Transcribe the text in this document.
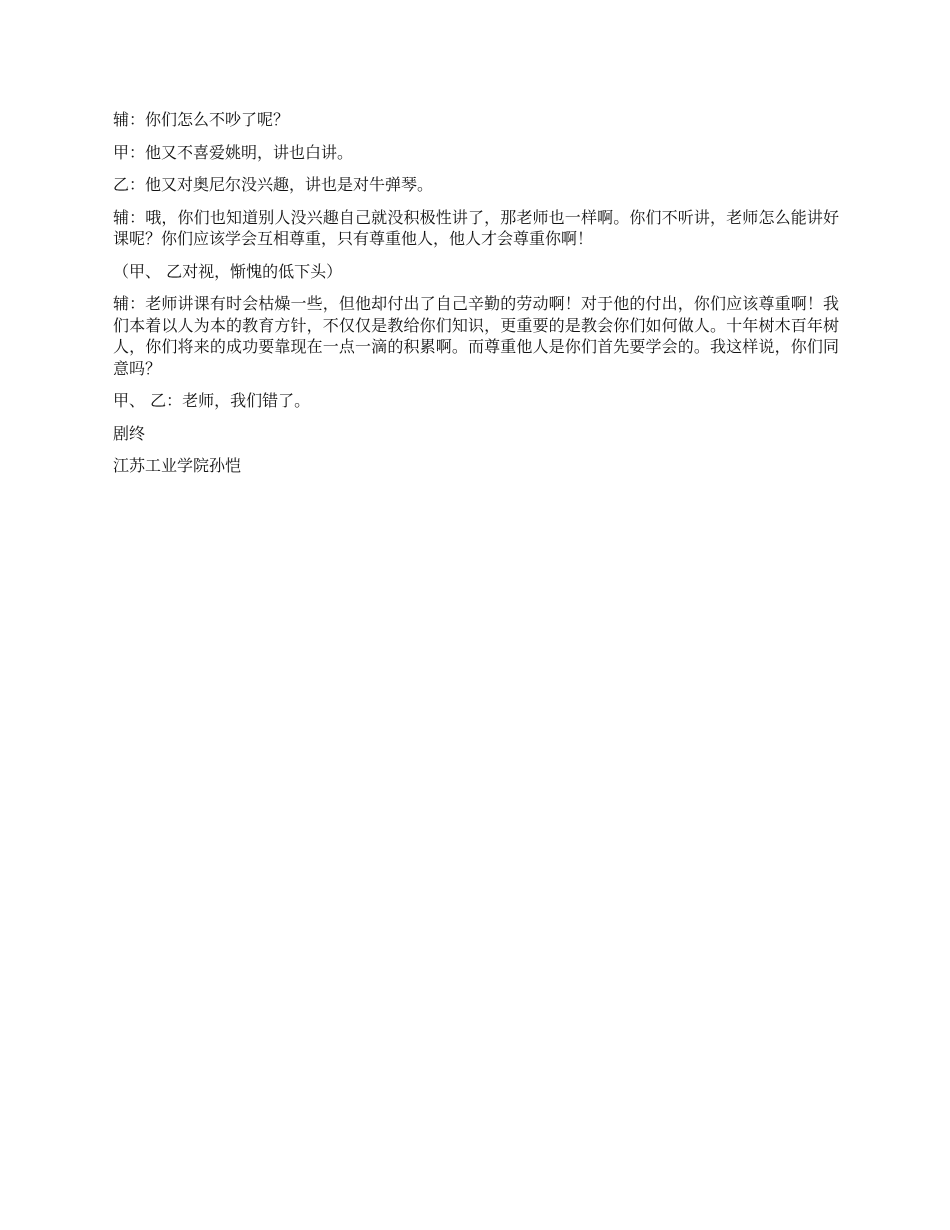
辅：你们怎么不吵了呢？

甲：他又不喜爱姚明，讲也白讲。

乙：他又对奥尼尔没兴趣，讲也是对牛弹琴。

辅：哦，你们也知道别人没兴趣自己就没积极性讲了，那老师也一样啊。你们不听讲，老师怎么能讲好课呢？你们应该学会互相尊重，只有尊重他人，他人才会尊重你啊！

（甲、 乙对视，惭愧的低下头）

辅：老师讲课有时会枯燥一些，但他却付出了自己辛勤的劳动啊！对于他的付出，你们应该尊重啊！我们本着以人为本的教育方针，不仅仅是教给你们知识，更重要的是教会你们如何做人。十年树木百年树人，你们将来的成功要靠现在一点一滴的积累啊。而尊重他人是你们首先要学会的。我这样说，你们同意吗？

甲、 乙：老师，我们错了。

剧终

江苏工业学院孙恺
